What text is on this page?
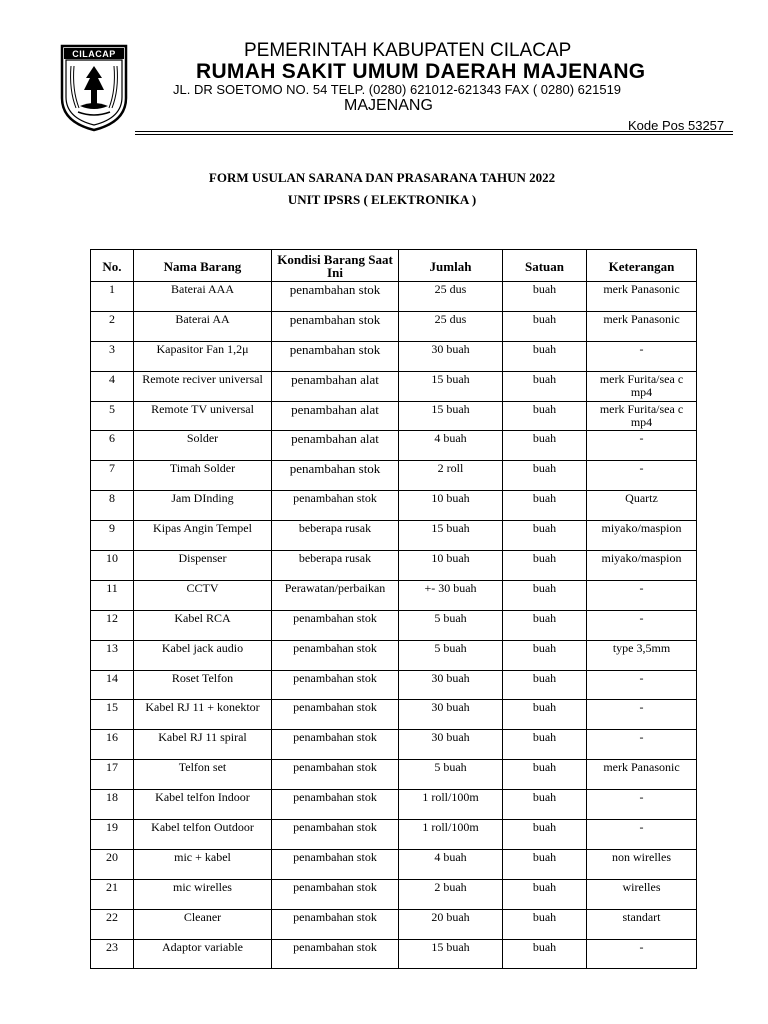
CILACAP	PEMERINTAH KABUPATEN CILACAP
RUMAH SAKIT UMUM DAERAH MAJENANG
JL. DR SOETOMO NO. 54 TELP. (0280) 621012-621343 FAX ( 0280) 621519
MAJENANG
Kode Pos 53257
FORM USULAN SARANA DAN PRASARANA TAHUN 2022
UNIT IPSRS ( ELEKTRONIKA )
No.	Nama Barang	Kondisi Barang Saat Ini	Jumlah	Satuan	Keterangan
1	Baterai AAA	penambahan stok	25 dus	buah	merk Panasonic
2	Baterai AA	penambahan stok	25 dus	buah	merk Panasonic
3	Kapasitor Fan 1,2μ	penambahan stok	30 buah	buah	-
4	Remote reciver universal	penambahan alat	15 buah	buah	merk Furita/sea c mp4
5	Remote TV universal	penambahan alat	15 buah	buah	merk Furita/sea c mp4
6	Solder	penambahan alat	4 buah	buah	-
7	Timah Solder	penambahan stok	2 roll	buah	-
8	Jam DInding	penambahan stok	10 buah	buah	Quartz
9	Kipas Angin Tempel	beberapa rusak	15 buah	buah	miyako/maspion
10	Dispenser	beberapa rusak	10 buah	buah	miyako/maspion
11	CCTV	Perawatan/perbaikan	+- 30 buah	buah	-
12	Kabel RCA	penambahan stok	5 buah	buah	-
13	Kabel jack audio	penambahan stok	5 buah	buah	type 3,5mm
14	Roset Telfon	penambahan stok	30 buah	buah	-
15	Kabel RJ 11 + konektor	penambahan stok	30 buah	buah	-
16	Kabel RJ 11 spiral	penambahan stok	30 buah	buah	-
17	Telfon set	penambahan stok	5 buah	buah	merk Panasonic
18	Kabel telfon Indoor	penambahan stok	1 roll/100m	buah	-
19	Kabel telfon Outdoor	penambahan stok	1 roll/100m	buah	-
20	mic + kabel	penambahan stok	4 buah	buah	non wirelles
21	mic wirelles	penambahan stok	2 buah	buah	wirelles
22	Cleaner	penambahan stok	20 buah	buah	standart
23	Adaptor variable	penambahan stok	15 buah	buah	-
